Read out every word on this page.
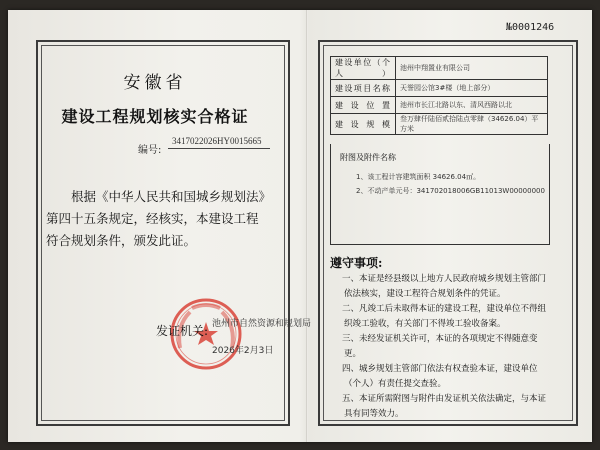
№0001246
安徽省
建设工程规划核实合格证
编号:
3417022026HY0015665
根据《中华人民共和国城乡规划法》第四十五条规定，经核实，本建设工程符合规划条件，颁发此证。
发证机关: 池州市自然资源和规划局
2026年2月3日
建设单位（个人）	池州中翔置业有限公司
建设项目名称	天誉园公馆3#楼（地上部分）
建设位置	池州市长江北路以东、清风西路以北
建设规模	叁万肆仟陆佰贰拾陆点零肆（34626.04）平方米
附图及附件名称
1、该工程计容建筑面积 34626.04㎡。
2、不动产单元号：341702018006GB11013W00000000
遵守事项:

一、本证是经县级以上地方人民政府城乡规划主管部门依法核实，建设工程符合规划条件的凭证。

二、凡竣工后未取得本证的建设工程，建设单位不得组织竣工验收，有关部门不得竣工验收备案。

三、未经发证机关许可，本证的各项规定不得随意变更。

四、城乡规划主管部门依法有权查验本证，建设单位（个人）有责任提交查验。

五、本证所需附图与附件由发证机关依法确定，与本证具有同等效力。
